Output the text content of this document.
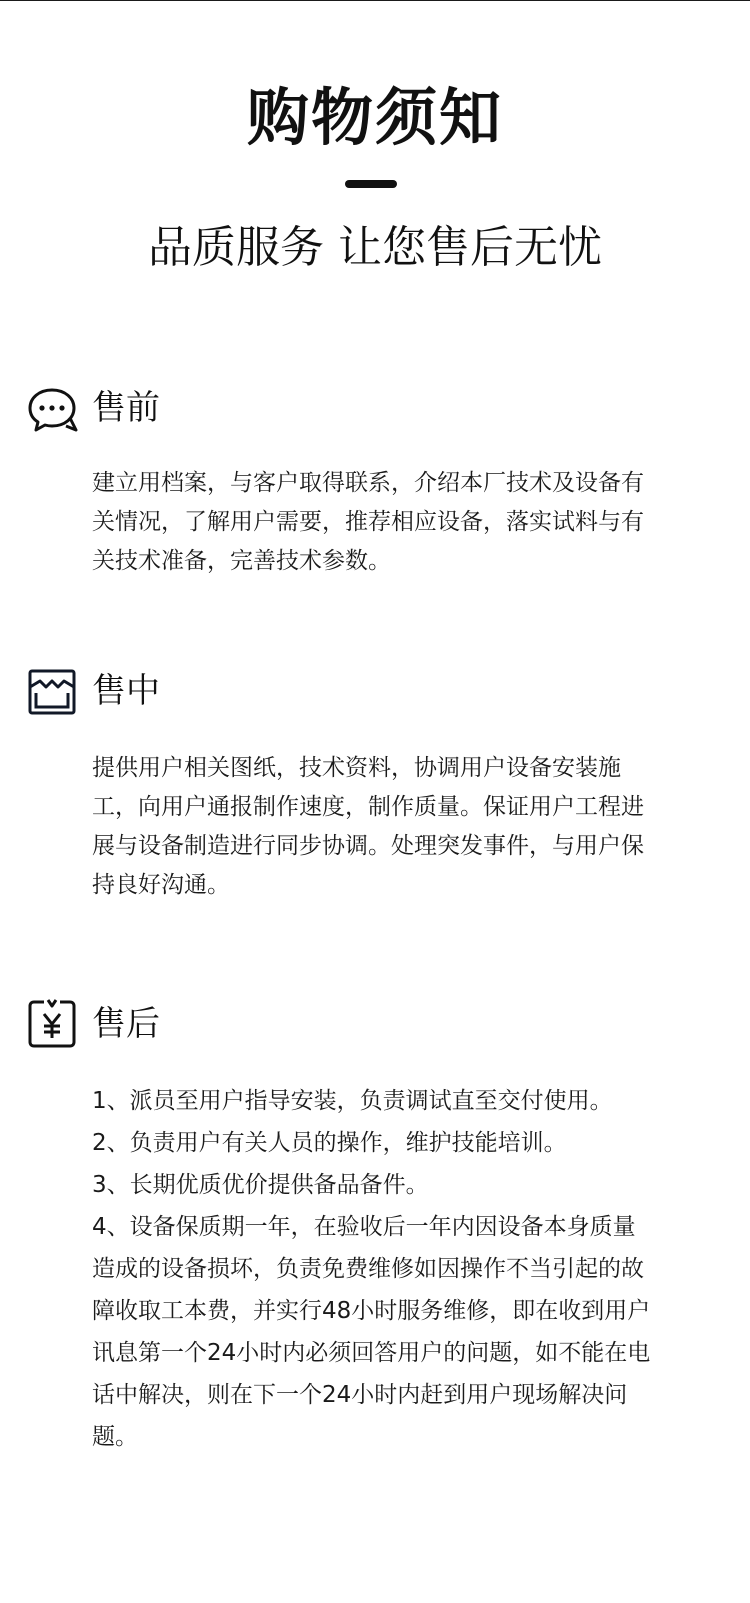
购物须知
品质服务 让您售后无忧
售前

建立用档案，与客户取得联系，介绍本厂技术及设备有关情况，了解用户需要，推荐相应设备，落实试料与有关技术准备，完善技术参数。

售中

提供用户相关图纸，技术资料，协调用户设备安装施工，向用户通报制作速度，制作质量。保证用户工程进展与设备制造进行同步协调。处理突发事件，与用户保持良好沟通。

售后

1、派员至用户指导安装，负责调试直至交付使用。

2、负责用户有关人员的操作，维护技能培训。

3、长期优质优价提供备品备件。

4、设备保质期一年，在验收后一年内因设备本身质量造成的设备损坏，负责免费维修如因操作不当引起的故障收取工本费，并实行48小时服务维修，即在收到用户讯息第一个24小时内必须回答用户的问题，如不能在电话中解决，则在下一个24小时内赶到用户现场解决问题。
